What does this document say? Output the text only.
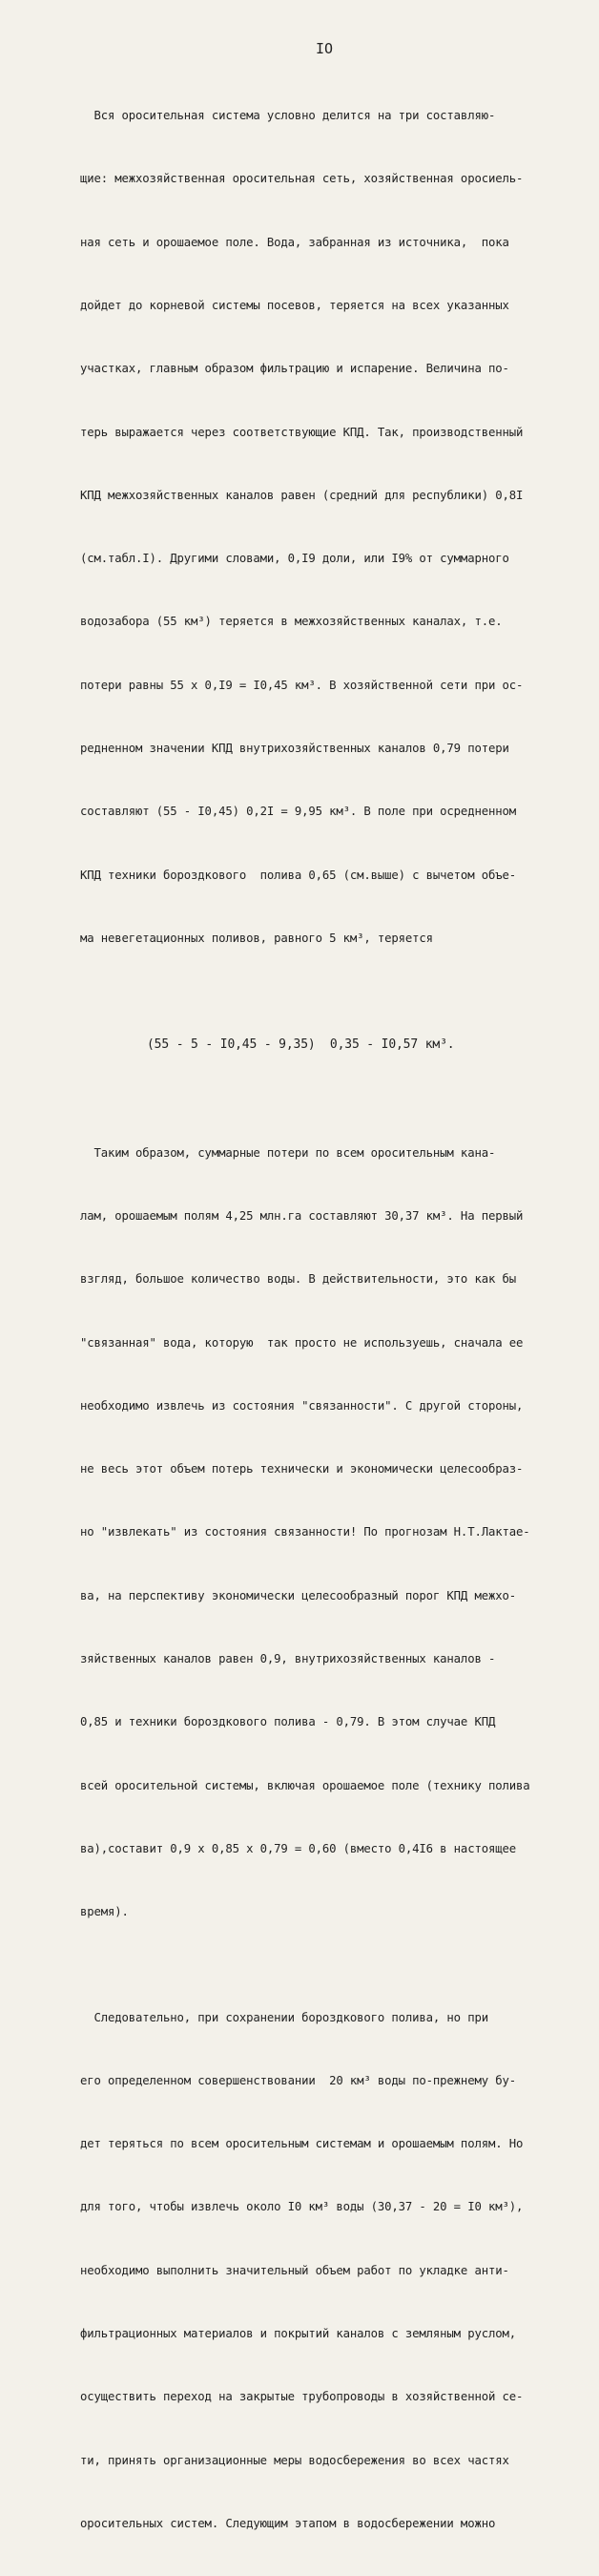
IO

Вся оросительная система условно делится на три составляю-

щие: межхозяйственная оросительная сеть, хозяйственная оросиель-

ная сеть и орошаемое поле. Вода, забранная из источника,  пока

дойдет до корневой системы посевов, теряется на всех указанных

участках, главным образом фильтрацию и испарение. Величина по-

терь выражается через соответствующие КПД. Так, производственный

КПД межхозяйственных каналов равен (средний для республики) 0,8I

(см.табл.I). Другими словами, 0,I9 доли, или I9% от суммарного

водозабора (55 км³) теряется в межхозяйственных каналах, т.е.

потери равны 55 х 0,I9 = I0,45 км³. В хозяйственной сети при ос-

редненном значении КПД внутрихозяйственных каналов 0,79 потери

составляют (55 - I0,45) 0,2I = 9,95 км³. В поле при осредненном

КПД техники бороздкового  полива 0,65 (см.выше) с вычетом объе-

ма невегетационных поливов, равного 5 км³, теряется

(55 - 5 - I0,45 - 9,35)  0,35 - I0,57 км³.

Таким образом, суммарные потери по всем оросительным кана-

лам, орошаемым полям 4,25 млн.га составляют 30,37 км³. На первый

взгляд, большое количество воды. В действительности, это как бы

"связанная" вода, которую  так просто не используешь, сначала ее

необходимо извлечь из состояния "связанности". С другой стороны,

не весь этот объем потерь технически и экономически целесообраз-

но "извлекать" из состояния связанности! По прогнозам Н.Т.Лактае-

ва, на перспективу экономически целесообразный порог КПД межхо-

зяйственных каналов равен 0,9, внутрихозяйственных каналов -

0,85 и техники бороздкового полива - 0,79. В этом случае КПД

всей оросительной системы, включая орошаемое поле (технику полива

ва),составит 0,9 х 0,85 х 0,79 = 0,60 (вместо 0,4I6 в настоящее

время).

Следовательно, при сохранении бороздкового полива, но при

его определенном совершенствовании  20 км³ воды по-прежнему бу-

дет теряться по всем оросительным системам и орошаемым полям. Но

для того, чтобы извлечь около I0 км³ воды (30,37 - 20 = I0 км³),

необходимо выполнить значительный объем работ по укладке анти-

фильтрационных материалов и покрытий каналов с земляным руслом,

осуществить переход на закрытые трубопроводы в хозяйственной се-

ти, принять организационные меры водосбережения во всех частях

оросительных систем. Следующим этапом в водосбережении можно
